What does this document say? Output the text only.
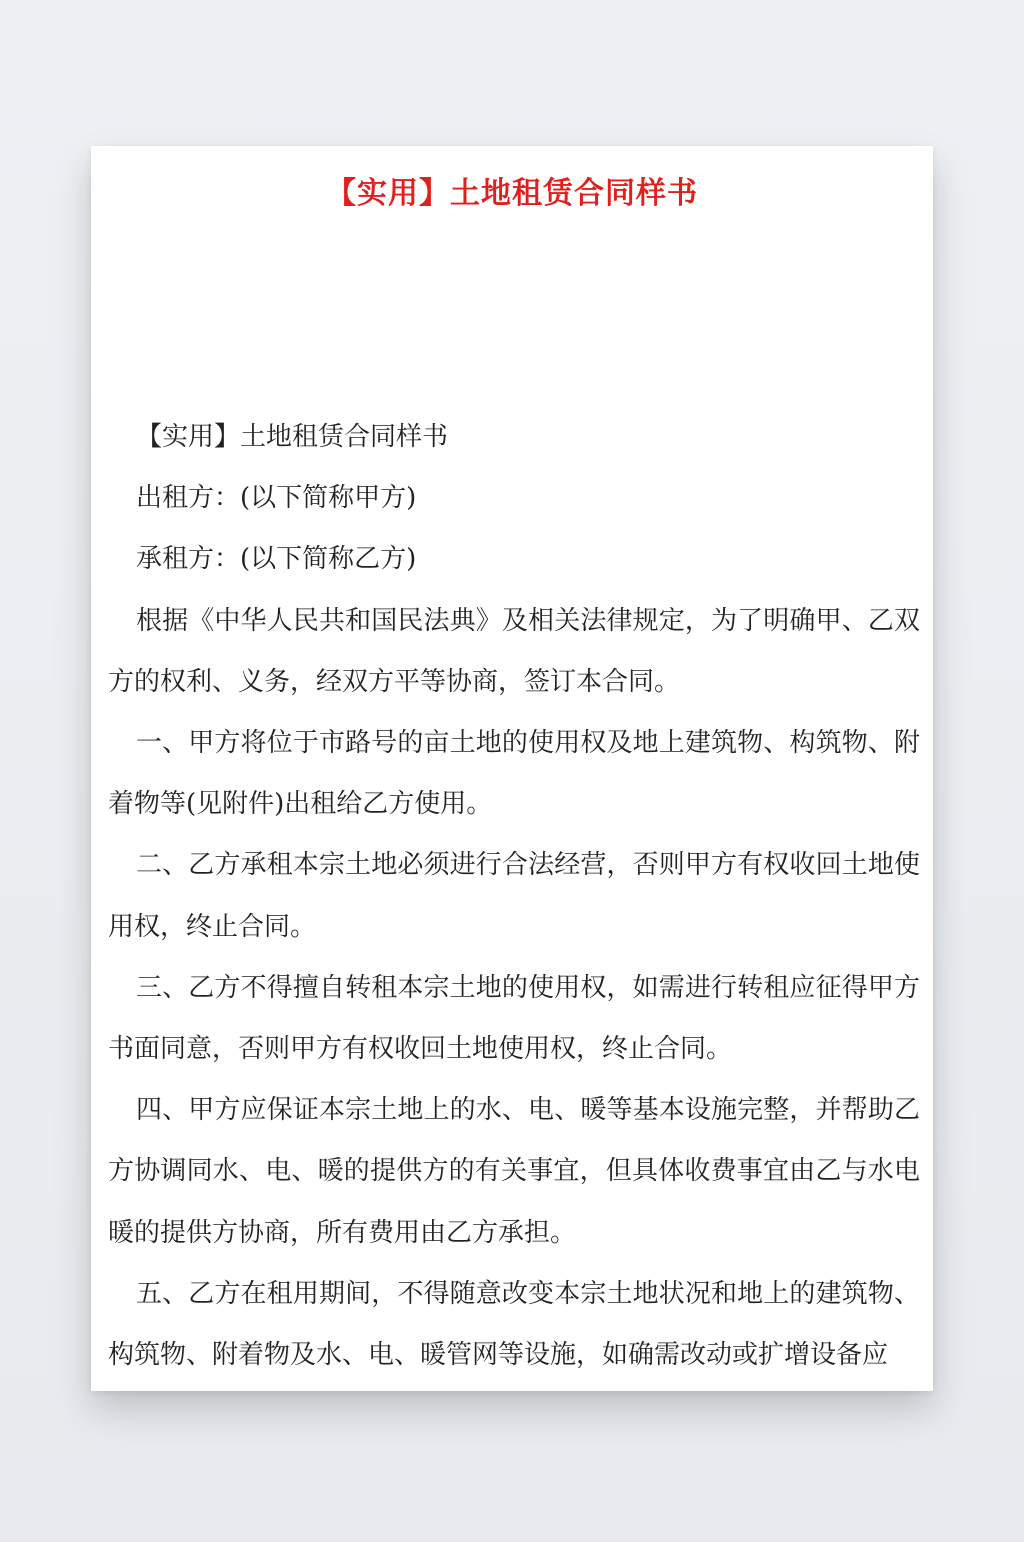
【实用】土地租赁合同样书

【实用】土地租赁合同样书

出租方：(以下简称甲方)

承租方：(以下简称乙方)

根据《中华人民共和国民法典》及相关法律规定，为了明确甲、乙双方的权利、义务，经双方平等协商，签订本合同。

一、甲方将位于市路号的亩土地的使用权及地上建筑物、构筑物、附着物等(见附件)出租给乙方使用。

二、乙方承租本宗土地必须进行合法经营，否则甲方有权收回土地使用权，终止合同。

三、乙方不得擅自转租本宗土地的使用权，如需进行转租应征得甲方书面同意，否则甲方有权收回土地使用权，终止合同。

四、甲方应保证本宗土地上的水、电、暖等基本设施完整，并帮助乙方协调同水、电、暖的提供方的有关事宜，但具体收费事宜由乙与水电暖的提供方协商，所有费用由乙方承担。

五、乙方在租用期间，不得随意改变本宗土地状况和地上的建筑物、构筑物、附着物及水、电、暖管网等设施，如确需改动或扩增设备应
